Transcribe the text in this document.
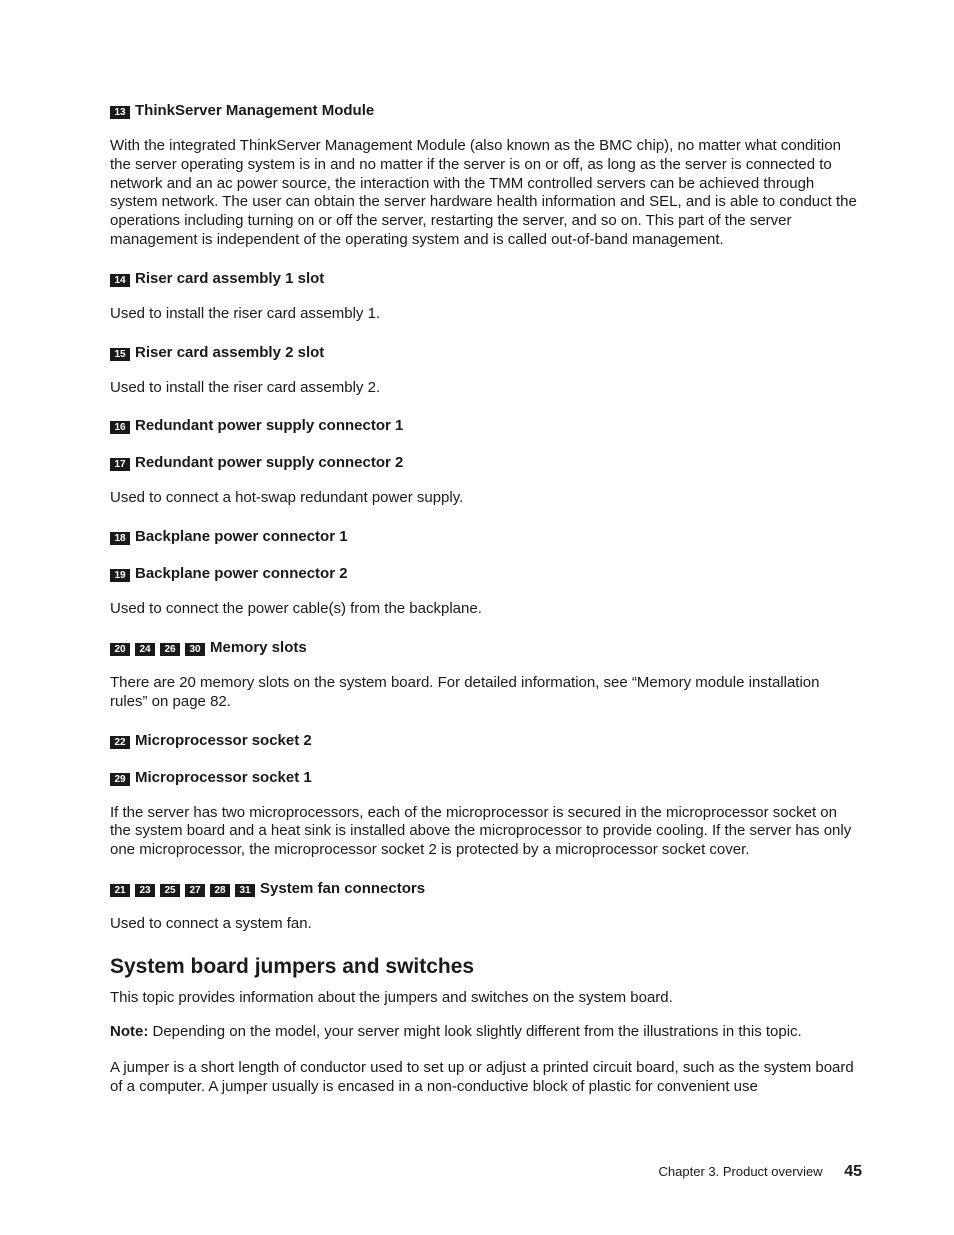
13 ThinkServer Management Module

With the integrated ThinkServer Management Module (also known as the BMC chip), no matter what condition the server operating system is in and no matter if the server is on or off, as long as the server is connected to network and an ac power source, the interaction with the TMM controlled servers can be achieved through system network. The user can obtain the server hardware health information and SEL, and is able to conduct the operations including turning on or off the server, restarting the server, and so on. This part of the server management is independent of the operating system and is called out-of-band management.

14 Riser card assembly 1 slot

Used to install the riser card assembly 1.

15 Riser card assembly 2 slot

Used to install the riser card assembly 2.

16 Redundant power supply connector 1
17 Redundant power supply connector 2

Used to connect a hot-swap redundant power supply.

18 Backplane power connector 1
19 Backplane power connector 2

Used to connect the power cable(s) from the backplane.

20	24	26	30 Memory slots

There are 20 memory slots on the system board. For detailed information, see “Memory module installation rules” on page 82.

22 Microprocessor socket 2
29 Microprocessor socket 1

If the server has two microprocessors, each of the microprocessor is secured in the microprocessor socket on the system board and a heat sink is installed above the microprocessor to provide cooling. If the server has only one microprocessor, the microprocessor socket 2 is protected by a microprocessor socket cover.

21	23	25	27	28	31 System fan connectors

Used to connect a system fan.

System board jumpers and switches

This topic provides information about the jumpers and switches on the system board.

Note: Depending on the model, your server might look slightly different from the illustrations in this topic.

A jumper is a short length of conductor used to set up or adjust a printed circuit board, such as the system board of a computer. A jumper usually is encased in a non-conductive block of plastic for convenient use

Chapter 3. Product overview 45
